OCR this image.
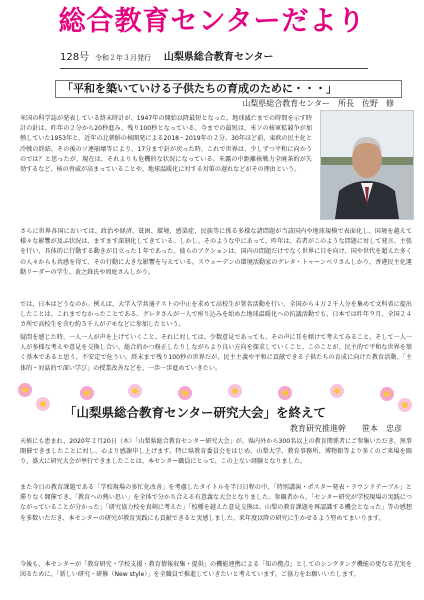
総合教育センターだより
128号 令和２年３月発行 山梨県総合教育センター
「平和を築いていける子供たちの育成のために・・・」
山梨県総合教育センター　所長　佐野　修

米国の科学誌が発表している終末時計が、1947年の開始以降最短となった。地球滅亡までの時間を示す時計の針は、昨年の２分から20秒進み、残り100秒となっている。今までの最短は、米ソの核軍拡競争が加熱していた1953年と、近年の北朝鮮の核開発による2018・2019年の２分。30年ほど前、東欧の民主化と冷戦の終結。その後のソ連崩壊等により、17分まで針が戻った時、これで世界は、少しずつ平和に向かうのでは？と思ったが、現在は、それよりも危機的な状況になっている。米露の中距離核戦力全廃条約が失効するなど、核の脅威が高まっていることや、地球温暖化に対する対策の遅れなどがその理由という。

さらに世界各国においては、政治や経済、貧困、環境、感染症、民族等に係る多様な諸問題が当該国内や地球規模で表面化し、国境を越えて様々な影響が及ぶ状況は、ますます深刻化してきている。しかし、そのような中にあって、昨年は、若者がこのような問題に対して発言、主張を行い、具体的に行動する動きが目立った１年であった。彼らのアクションは、国内の問題だけでなく世界に目を向け、国や世代を超えた多くの人々からも共感を得て、その行動に大きな影響を与えている。スウェーデンの環境活動家のグレタ・トゥーンベリさんしかり、香港民主化運動リーダーの学生、黄之鋒氏や周庭さんしかり。

では、日本はどうなのか。例えば、大学入学共通テストの中止を求めて高校生が署名活動を行い、全国から４万２千人分を集めて文科省に提出したことは、これまでなかったことである。グレタさんが一人で座り込みを始めた地球温暖化への抗議活動でも、日本では昨年９月、全国２４カ所で高校生を含む約５千人がデモなどに参加したという。

疑問を感じた時、一人一人が声を上げていくこと。それに対しては、少数意見であっても、その声に耳を傾けて考えてみること。そして一人一人が多様な考えや意見を交換し合い、総合的かつ修正したりしながらより良い方向を探求していくこと。このことが、民主的で平和な世界を築く基本であると思う。不安定で危うい。終末まで残り100秒の世界だが、民主主義や平和に貢献できる子供たちの育成に向けた教育活動、「主体的・対話的で深い学び」の授業改善などを、一歩一歩進めていきたい。

「山梨県総合教育センター研究大会」を終えて
教育研究推進幹　　笹本　忠彦

天候にも恵まれ、2020年２月20日（木）「山梨県総合教育センター研究大会」が、県内外から300名以上の教育関係者にご参集いただき、無事開催できましたことに対し、心より感謝申し上げます。特に県教育委員会をはじめ、山梨大学、教育事務所、博物館等より多くのご来場を賜り、盛大に研究大会が挙行できましたことは、本センター職員にとって、この上ない経験となりました。

また今日の教育課題である「学校現場の多忙化改善」を考慮したタイトルを半日日程の中、「特別講演・ポスター発表・ラウンドテーブル」と滞りなく開催でき、「教育への熱い思い」を全体で分かち合える有意義な大会となりました。参観者から、「センター研究が学校現場の実践につながっていることが分かった」「研究協力校を真剣に考えた」「校種を越えた意見交換は、山梨の教育課題を再認識する機会となった」等の感想を多数いただき、本センターの研究が教育実践にも貢献できると実感しました。来年度以降の研究に生かせるよう努めてまいります。

今後も、本センターが「教育研究・学校支援・教育情報収集・提供」の機能連携による「知の拠点」としてのシンクタンク機能の更なる充実を図るために、「新しい研究・研修（New style）」を全職員で推進していきたいと考えています。ご協力をお願いいたします。
